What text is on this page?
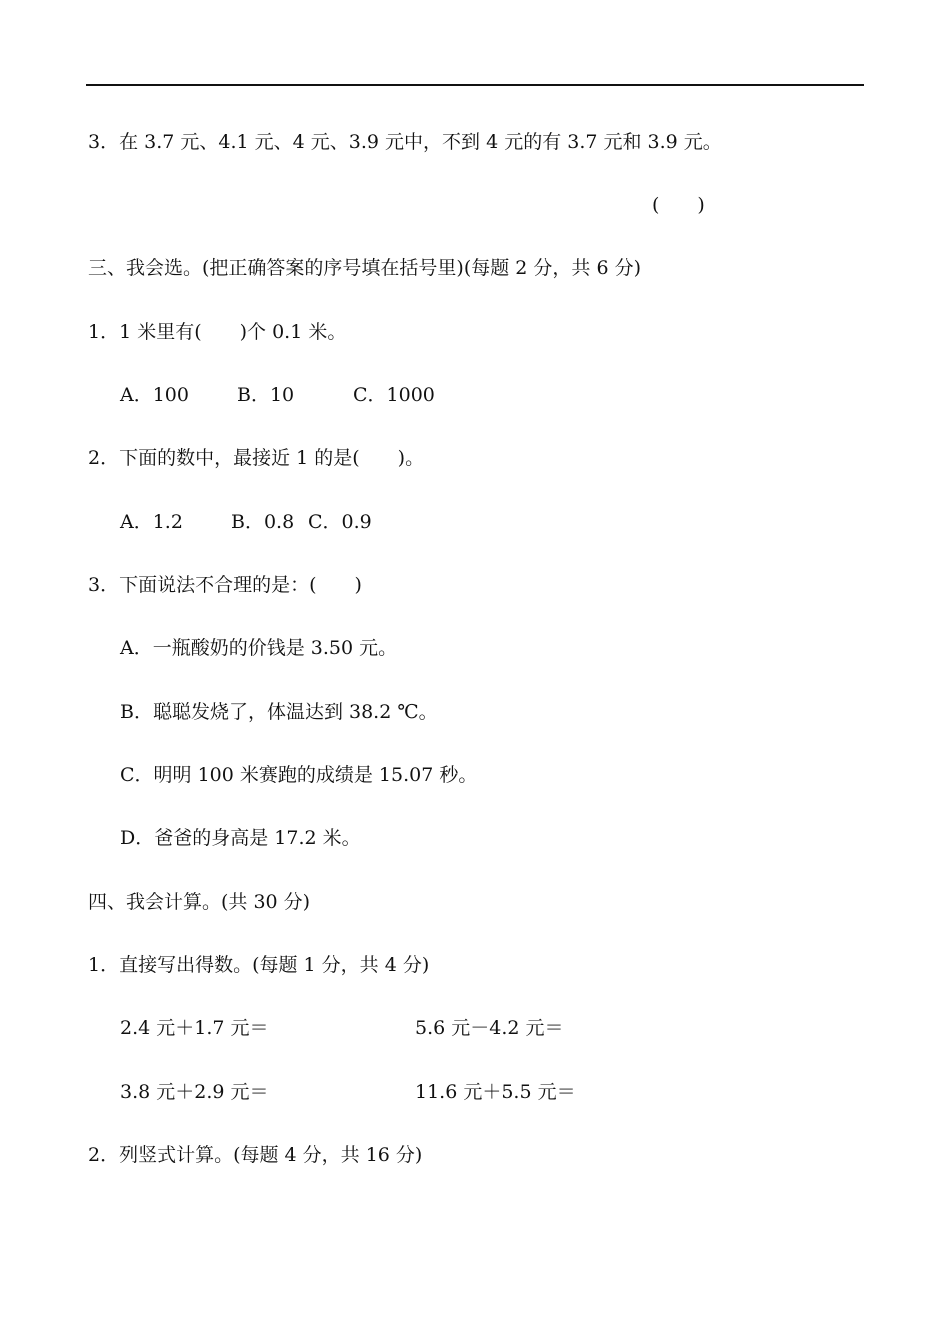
3．在 3.7 元、4.1 元、4 元、3.9 元中，不到 4 元的有 3.7 元和 3.9 元。
(　　)
三、我会选。(把正确答案的序号填在括号里)(每题 2 分，共 6 分)
1．1 米里有(　　)个 0.1 米。
A．100	B．10	C．1000
2．下面的数中，最接近 1 的是(　　)。
A．1.2	B．0.8 C．0.9
3．下面说法不合理的是：(　　)
A．一瓶酸奶的价钱是 3.50 元。
B．聪聪发烧了，体温达到 38.2 ℃。
C．明明 100 米赛跑的成绩是 15.07 秒。
D．爸爸的身高是 17.2 米。
四、我会计算。(共 30 分)
1．直接写出得数。(每题 1 分，共 4 分)
2.4 元＋1.7 元＝	5.6 元－4.2 元＝
3.8 元＋2.9 元＝	11.6 元＋5.5 元＝
2．列竖式计算。(每题 4 分，共 16 分)
